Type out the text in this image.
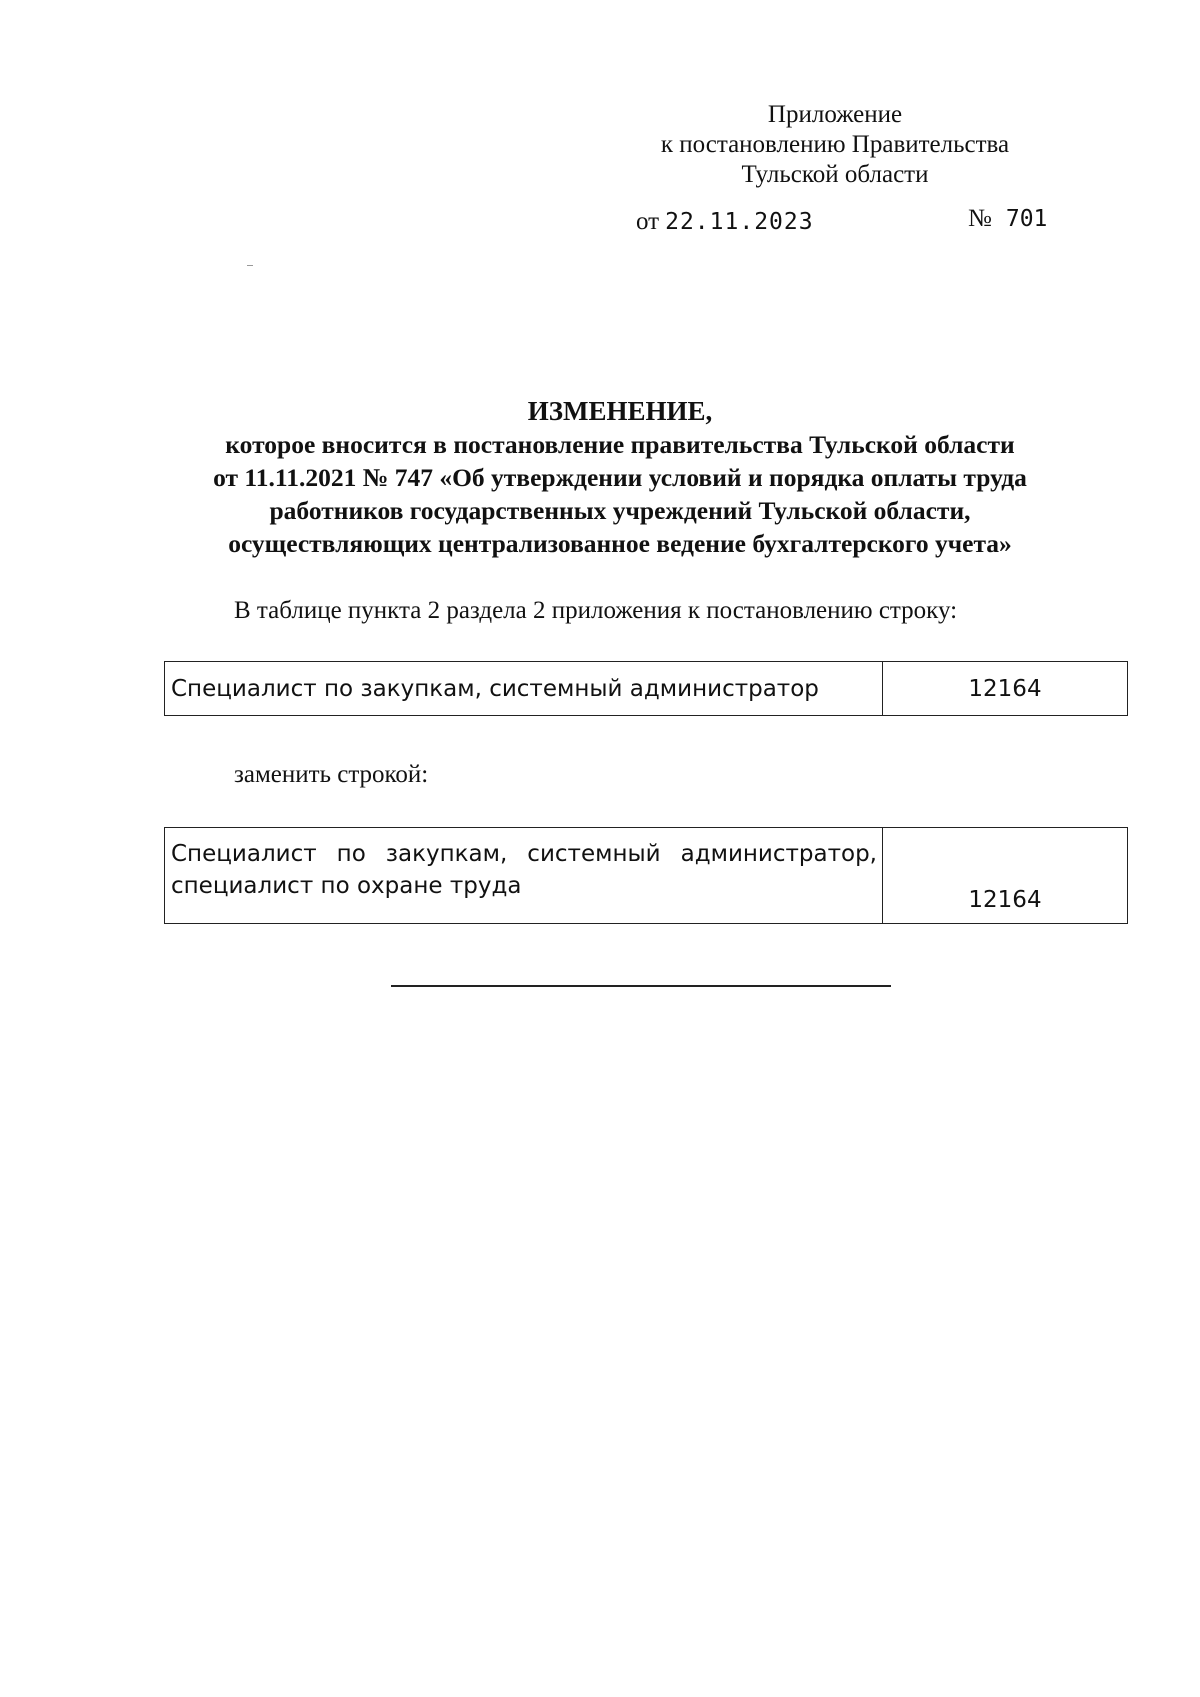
Приложение
к постановлению Правительства
Тульской области
от 22.11.2023	№ 701
ИЗМЕНЕНИЕ,
которое вносится в постановление правительства Тульской области
от 11.11.2021 № 747 «Об утверждении условий и порядка оплаты труда
работников государственных учреждений Тульской области,
осуществляющих централизованное ведение бухгалтерского учета»
В таблице пункта 2 раздела 2 приложения к постановлению строку:
Специалист по закупкам, системный администратор	12164
заменить строкой:
Специалист по закупкам, системный администратор, специалист по охране труда	12164
